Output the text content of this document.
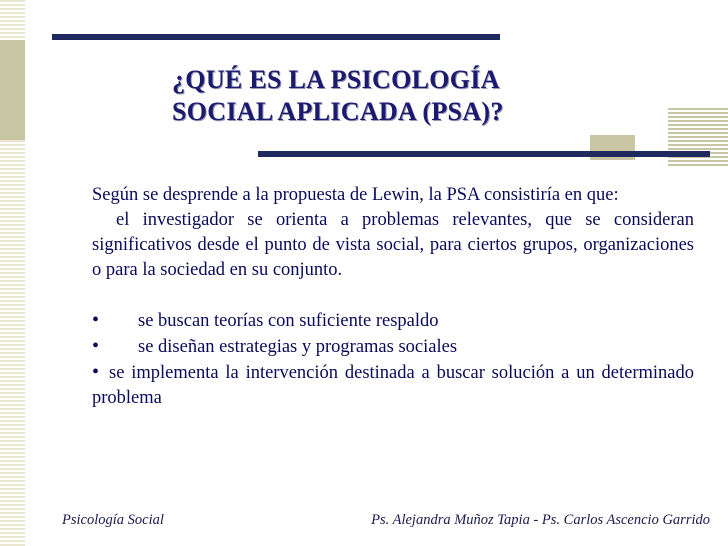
¿QUÉ ES LA PSICOLOGÍA
SOCIAL APLICADA (PSA)?

Según se desprende a la propuesta de Lewin, la PSA consistiría en que:

el investigador se orienta a problemas relevantes, que se consideran significativos desde el punto de vista social, para ciertos grupos, organizaciones o para la sociedad en su conjunto.

•	se buscan teorías con suficiente respaldo
•	se diseñan estrategias y programas sociales

• se implementa la intervención destinada a buscar solución a un determinado problema

Psicología Social	Ps. Alejandra Muñoz Tapia - Ps. Carlos Ascencio Garrido
